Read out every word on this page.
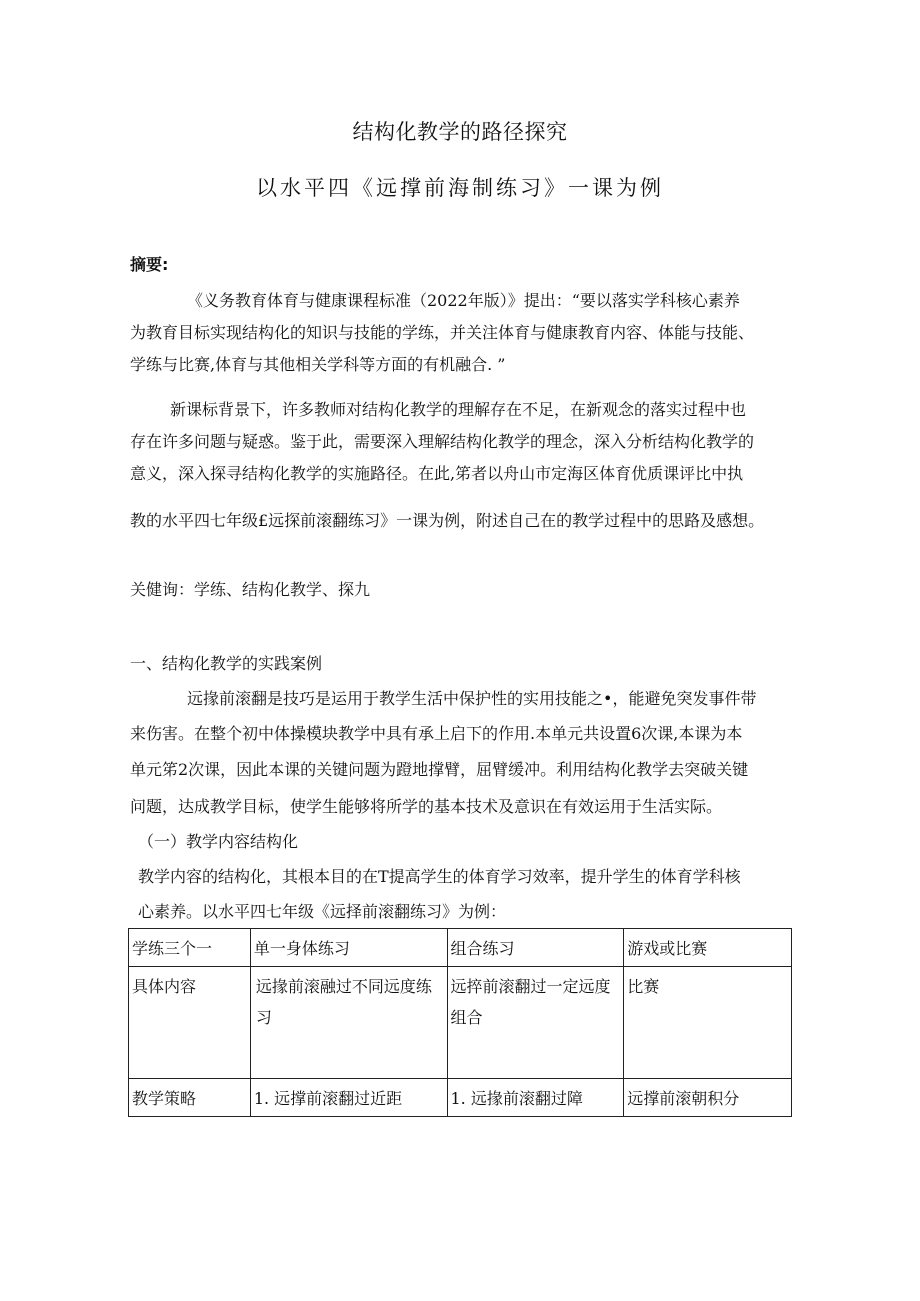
结构化教学的路径探究
以水平四《远撑前海制练习》一课为例
摘要:
《义务教育体育与健康课程标准（2022年版）》提出：“要以落实学科核心素养
为教育目标实现结构化的知识与技能的学练，并关注体育与健康教育内容、体能与技能、
学练与比赛,体育与其他相关学科等方面的有机融合. ”
新课标背景下，许多教师对结构化教学的理解存在不足，在新观念的落实过程中也
存在许多问题与疑惑。鉴于此，需要深入理解结构化教学的理念，深入分析结构化教学的
意义，深入探寻结构化教学的实施路径。在此,笫者以舟山市定海区体育优质课评比中执
教的水平四七年级£远探前滚翻练习》一课为例，附述自己在的教学过程中的思路及感想。
关健询：学练、结构化教学、探九
一、结构化教学的实践案例
远掾前滚翻是技巧是运用于教学生活中保护性的实用技能之•，能避免突发事件带
来伤害。在整个初中体操模块教学中具有承上启下的作用.本单元共设置6次课,本课为本
单元笫2次课，因此本课的关键问题为蹬地撑臂，屈臂缓冲。利用结构化教学去突破关键
问题，达成教学目标，使学生能够将所学的基本技术及意识在有效运用于生活实际。
（一）教学内容结构化
教学内容的结构化，其根本目的在T提高学生的体育学习效率，提升学生的体育学科核
心素养。以水平四七年级《远择前滚翻练习》为例：
学练三个一	单一身体练习	组合练习	游戏或比赛
具体内容	远掾前滚融过不同远度练习	远捽前滚翻过一定远度组合	比赛
教学策略	1. 远撑前滚翻过近距	1. 远掾前滚翻过障	远撑前滚朝积分
